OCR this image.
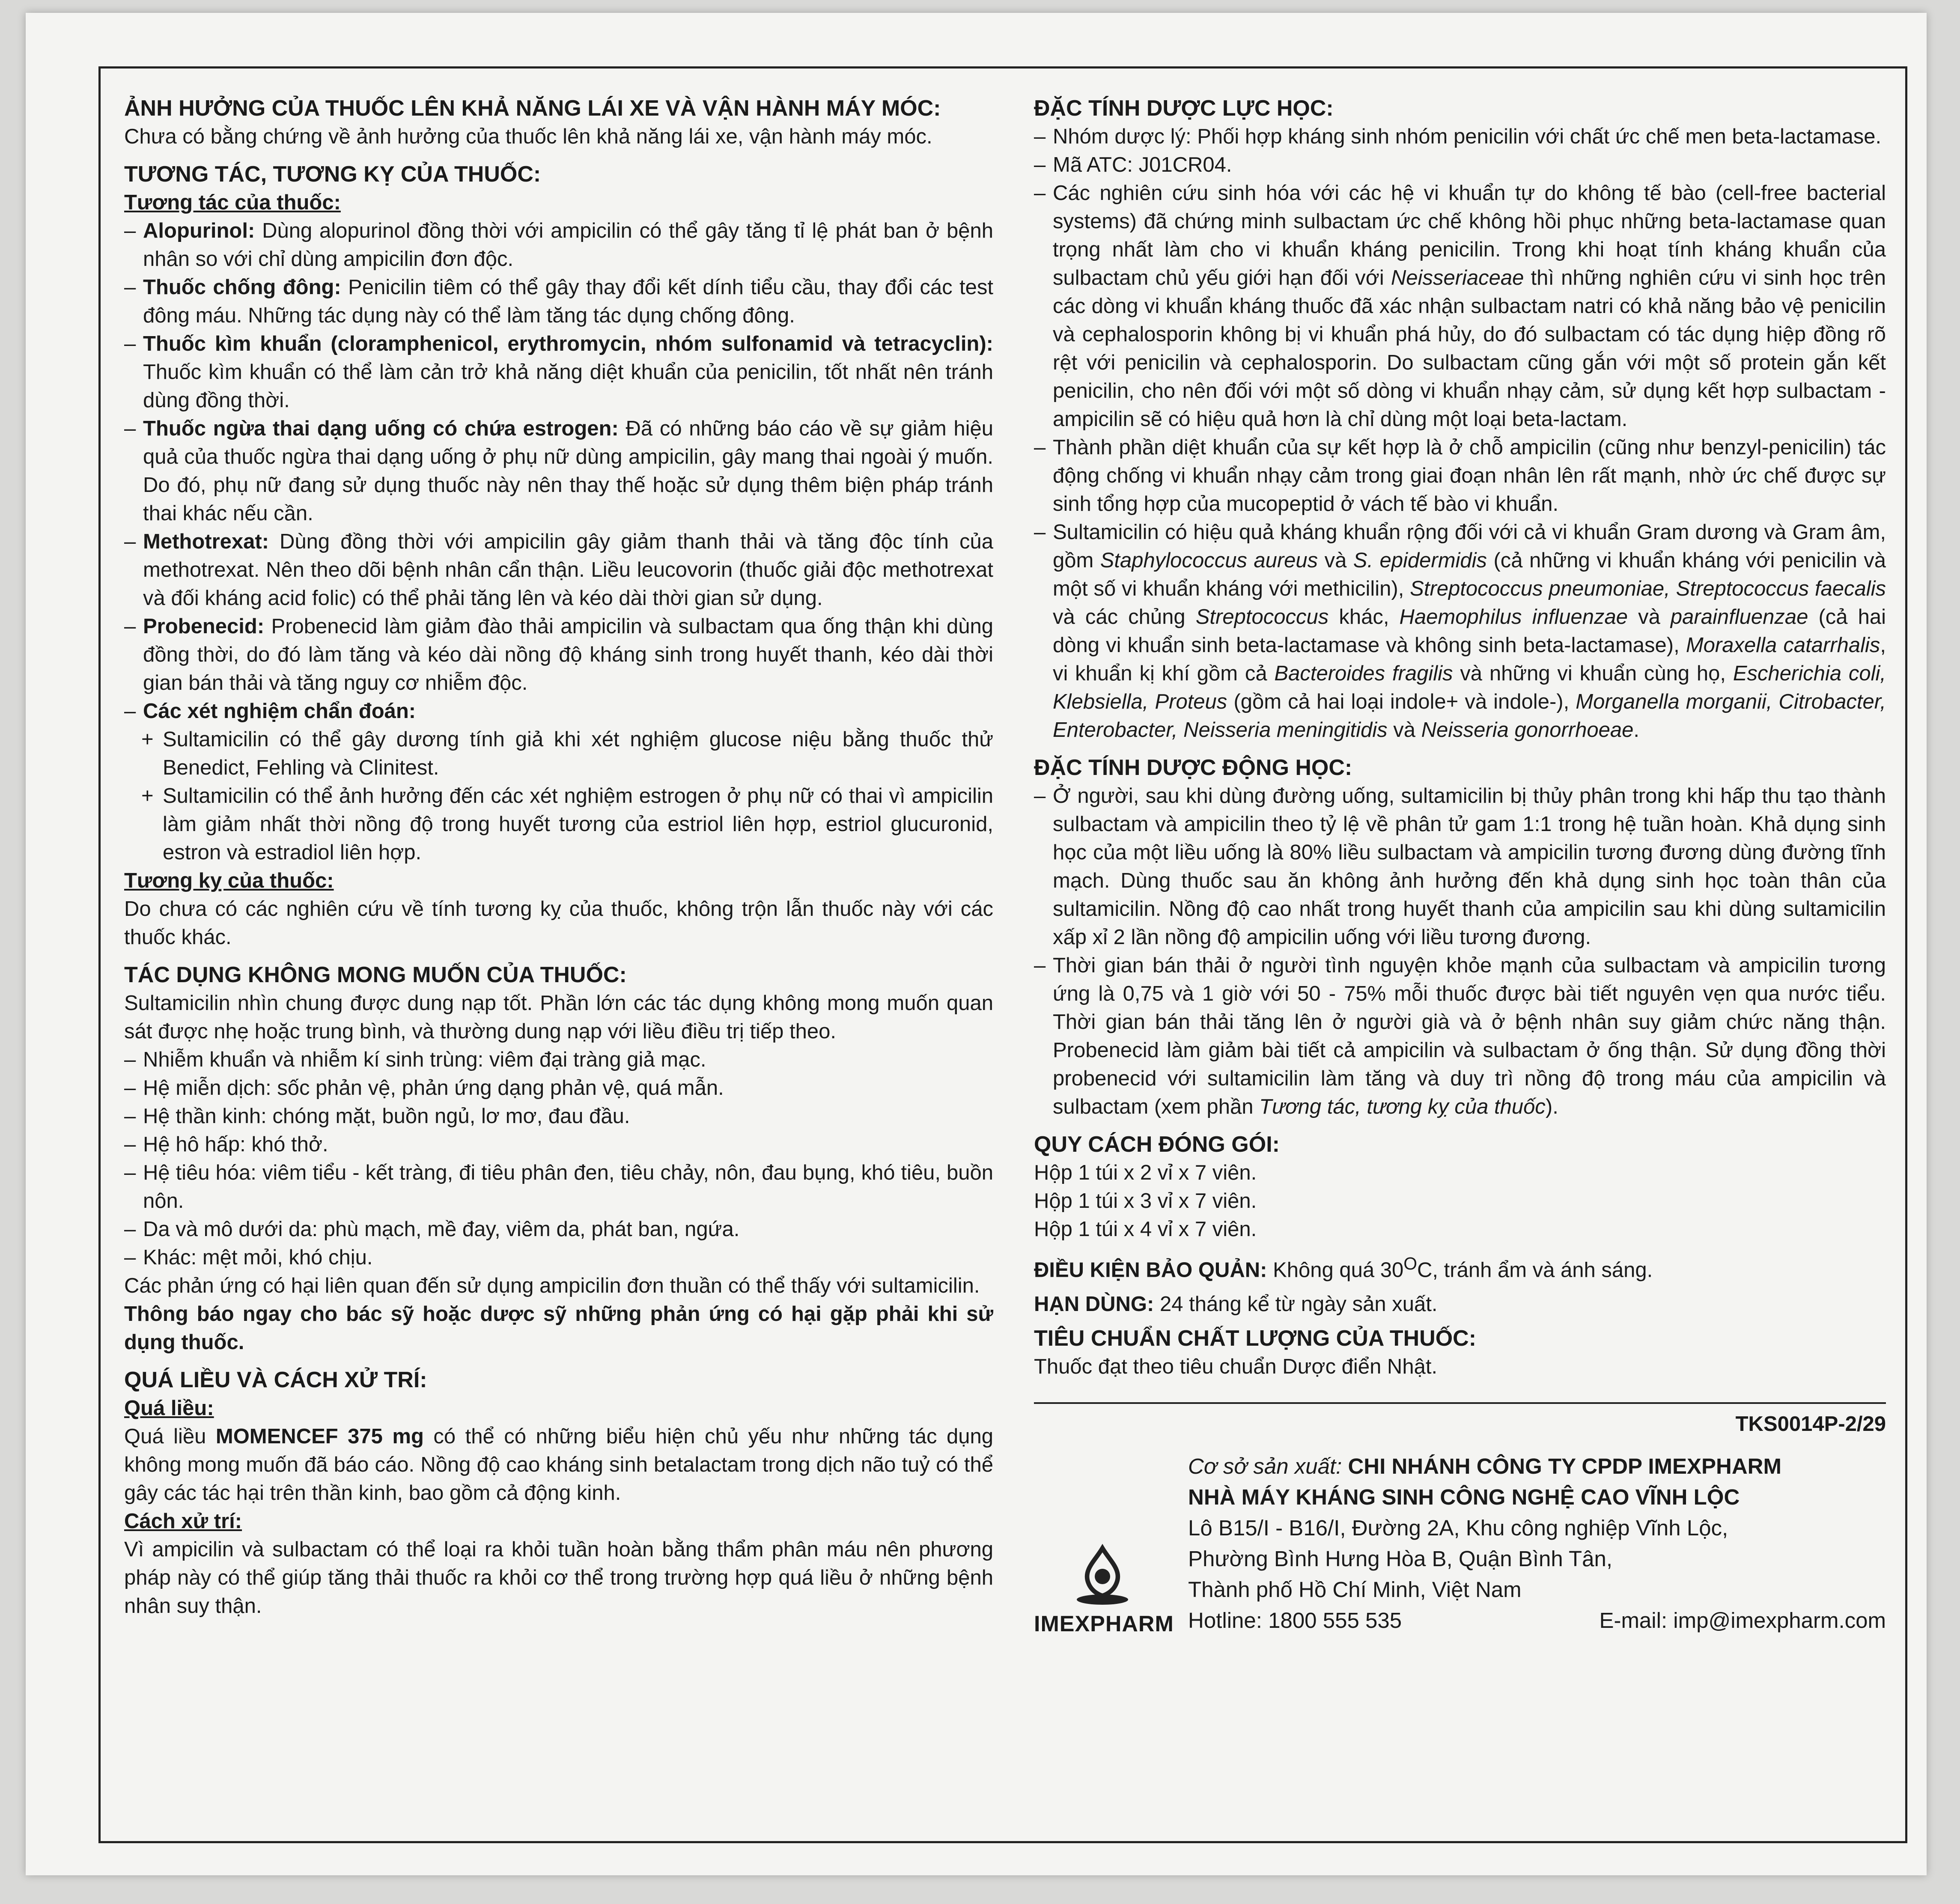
ẢNH HƯỞNG CỦA THUỐC LÊN KHẢ NĂNG LÁI XE VÀ VẬN HÀNH MÁY MÓC:
Chưa có bằng chứng về ảnh hưởng của thuốc lên khả năng lái xe, vận hành máy móc.
TƯƠNG TÁC, TƯƠNG KỴ CỦA THUỐC:
Tương tác của thuốc:
– Alopurinol: Dùng alopurinol đồng thời với ampicilin có thể gây tăng tỉ lệ phát ban ở bệnh nhân so với chỉ dùng ampicilin đơn độc.
– Thuốc chống đông: Penicilin tiêm có thể gây thay đổi kết dính tiểu cầu, thay đổi các test đông máu. Những tác dụng này có thể làm tăng tác dụng chống đông.
– Thuốc kìm khuẩn (cloramphenicol, erythromycin, nhóm sulfonamid và tetracyclin): Thuốc kìm khuẩn có thể làm cản trở khả năng diệt khuẩn của penicilin, tốt nhất nên tránh dùng đồng thời.
– Thuốc ngừa thai dạng uống có chứa estrogen: Đã có những báo cáo về sự giảm hiệu quả của thuốc ngừa thai dạng uống ở phụ nữ dùng ampicilin, gây mang thai ngoài ý muốn. Do đó, phụ nữ đang sử dụng thuốc này nên thay thế hoặc sử dụng thêm biện pháp tránh thai khác nếu cần.
– Methotrexat: Dùng đồng thời với ampicilin gây giảm thanh thải và tăng độc tính của methotrexat. Nên theo dõi bệnh nhân cẩn thận. Liều leucovorin (thuốc giải độc methotrexat và đối kháng acid folic) có thể phải tăng lên và kéo dài thời gian sử dụng.
– Probenecid: Probenecid làm giảm đào thải ampicilin và sulbactam qua ống thận khi dùng đồng thời, do đó làm tăng và kéo dài nồng độ kháng sinh trong huyết thanh, kéo dài thời gian bán thải và tăng nguy cơ nhiễm độc.
– Các xét nghiệm chẩn đoán:
+ Sultamicilin có thể gây dương tính giả khi xét nghiệm glucose niệu bằng thuốc thử Benedict, Fehling và Clinitest.
+ Sultamicilin có thể ảnh hưởng đến các xét nghiệm estrogen ở phụ nữ có thai vì ampicilin làm giảm nhất thời nồng độ trong huyết tương của estriol liên hợp, estriol glucuronid, estron và estradiol liên hợp.
Tương kỵ của thuốc:
Do chưa có các nghiên cứu về tính tương kỵ của thuốc, không trộn lẫn thuốc này với các thuốc khác.
TÁC DỤNG KHÔNG MONG MUỐN CỦA THUỐC:
Sultamicilin nhìn chung được dung nạp tốt. Phần lớn các tác dụng không mong muốn quan sát được nhẹ hoặc trung bình, và thường dung nạp với liều điều trị tiếp theo.
– Nhiễm khuẩn và nhiễm kí sinh trùng: viêm đại tràng giả mạc.
– Hệ miễn dịch: sốc phản vệ, phản ứng dạng phản vệ, quá mẫn.
– Hệ thần kinh: chóng mặt, buồn ngủ, lơ mơ, đau đầu.
– Hệ hô hấp: khó thở.
– Hệ tiêu hóa: viêm tiểu - kết tràng, đi tiêu phân đen, tiêu chảy, nôn, đau bụng, khó tiêu, buồn nôn.
– Da và mô dưới da: phù mạch, mề đay, viêm da, phát ban, ngứa.
– Khác: mệt mỏi, khó chịu.
Các phản ứng có hại liên quan đến sử dụng ampicilin đơn thuần có thể thấy với sultamicilin.
Thông báo ngay cho bác sỹ hoặc dược sỹ những phản ứng có hại gặp phải khi sử dụng thuốc.
QUÁ LIỀU VÀ CÁCH XỬ TRÍ:
Quá liều:
Quá liều MOMENCEF 375 mg có thể có những biểu hiện chủ yếu như những tác dụng không mong muốn đã báo cáo. Nồng độ cao kháng sinh betalactam trong dịch não tuỷ có thể gây các tác hại trên thần kinh, bao gồm cả động kinh.
Cách xử trí:
Vì ampicilin và sulbactam có thể loại ra khỏi tuần hoàn bằng thẩm phân máu nên phương pháp này có thể giúp tăng thải thuốc ra khỏi cơ thể trong trường hợp quá liều ở những bệnh nhân suy thận.
ĐẶC TÍNH DƯỢC LỰC HỌC:
– Nhóm dược lý: Phối hợp kháng sinh nhóm penicilin với chất ức chế men beta-lactamase.
– Mã ATC: J01CR04.
– Các nghiên cứu sinh hóa với các hệ vi khuẩn tự do không tế bào (cell-free bacterial systems) đã chứng minh sulbactam ức chế không hồi phục những beta-lactamase quan trọng nhất làm cho vi khuẩn kháng penicilin. Trong khi hoạt tính kháng khuẩn của sulbactam chủ yếu giới hạn đối với Neisseriaceae thì những nghiên cứu vi sinh học trên các dòng vi khuẩn kháng thuốc đã xác nhận sulbactam natri có khả năng bảo vệ penicilin và cephalosporin không bị vi khuẩn phá hủy, do đó sulbactam có tác dụng hiệp đồng rõ rệt với penicilin và cephalosporin. Do sulbactam cũng gắn với một số protein gắn kết penicilin, cho nên đối với một số dòng vi khuẩn nhạy cảm, sử dụng kết hợp sulbactam - ampicilin sẽ có hiệu quả hơn là chỉ dùng một loại beta-lactam.
– Thành phần diệt khuẩn của sự kết hợp là ở chỗ ampicilin (cũng như benzyl-penicilin) tác động chống vi khuẩn nhạy cảm trong giai đoạn nhân lên rất mạnh, nhờ ức chế được sự sinh tổng hợp của mucopeptid ở vách tế bào vi khuẩn.
– Sultamicilin có hiệu quả kháng khuẩn rộng đối với cả vi khuẩn Gram dương và Gram âm, gồm Staphylococcus aureus và S. epidermidis (cả những vi khuẩn kháng với penicilin và một số vi khuẩn kháng với methicilin), Streptococcus pneumoniae, Streptococcus faecalis và các chủng Streptococcus khác, Haemophilus influenzae và parainfluenzae (cả hai dòng vi khuẩn sinh beta-lactamase và không sinh beta-lactamase), Moraxella catarrhalis, vi khuẩn kị khí gồm cả Bacteroides fragilis và những vi khuẩn cùng họ, Escherichia coli, Klebsiella, Proteus (gồm cả hai loại indole+ và indole-), Morganella morganii, Citrobacter, Enterobacter, Neisseria meningitidis và Neisseria gonorrhoeae.
ĐẶC TÍNH DƯỢC ĐỘNG HỌC:
– Ở người, sau khi dùng đường uống, sultamicilin bị thủy phân trong khi hấp thu tạo thành sulbactam và ampicilin theo tỷ lệ về phân tử gam 1:1 trong hệ tuần hoàn. Khả dụng sinh học của một liều uống là 80% liều sulbactam và ampicilin tương đương dùng đường tĩnh mạch. Dùng thuốc sau ăn không ảnh hưởng đến khả dụng sinh học toàn thân của sultamicilin. Nồng độ cao nhất trong huyết thanh của ampicilin sau khi dùng sultamicilin xấp xỉ 2 lần nồng độ ampicilin uống với liều tương đương.
– Thời gian bán thải ở người tình nguyện khỏe mạnh của sulbactam và ampicilin tương ứng là 0,75 và 1 giờ với 50 - 75% mỗi thuốc được bài tiết nguyên vẹn qua nước tiểu. Thời gian bán thải tăng lên ở người già và ở bệnh nhân suy giảm chức năng thận. Probenecid làm giảm bài tiết cả ampicilin và sulbactam ở ống thận. Sử dụng đồng thời probenecid với sultamicilin làm tăng và duy trì nồng độ trong máu của ampicilin và sulbactam (xem phần Tương tác, tương kỵ của thuốc).
QUY CÁCH ĐÓNG GÓI:
Hộp 1 túi x 2 vỉ x 7 viên.
Hộp 1 túi x 3 vỉ x 7 viên.
Hộp 1 túi x 4 vỉ x 7 viên.
ĐIỀU KIỆN BẢO QUẢN: Không quá $30^OC$, tránh ẩm và ánh sáng.
HẠN DÙNG: 24 tháng kể từ ngày sản xuất.
TIÊU CHUẨN CHẤT LƯỢNG CỦA THUỐC:
Thuốc đạt theo tiêu chuẩn Dược điển Nhật.
TKS0014P-2/29
IMEXPHARM
Cơ sở sản xuất: CHI NHÁNH CÔNG TY CPDP IMEXPHARM
NHÀ MÁY KHÁNG SINH CÔNG NGHỆ CAO VĨNH LỘC
Lô B15/I - B16/I, Đường 2A, Khu công nghiệp Vĩnh Lộc,
Phường Bình Hưng Hòa B, Quận Bình Tân,
Thành phố Hồ Chí Minh, Việt Nam
Hotline: 1800 555 535	E-mail: imp@imexpharm.com
